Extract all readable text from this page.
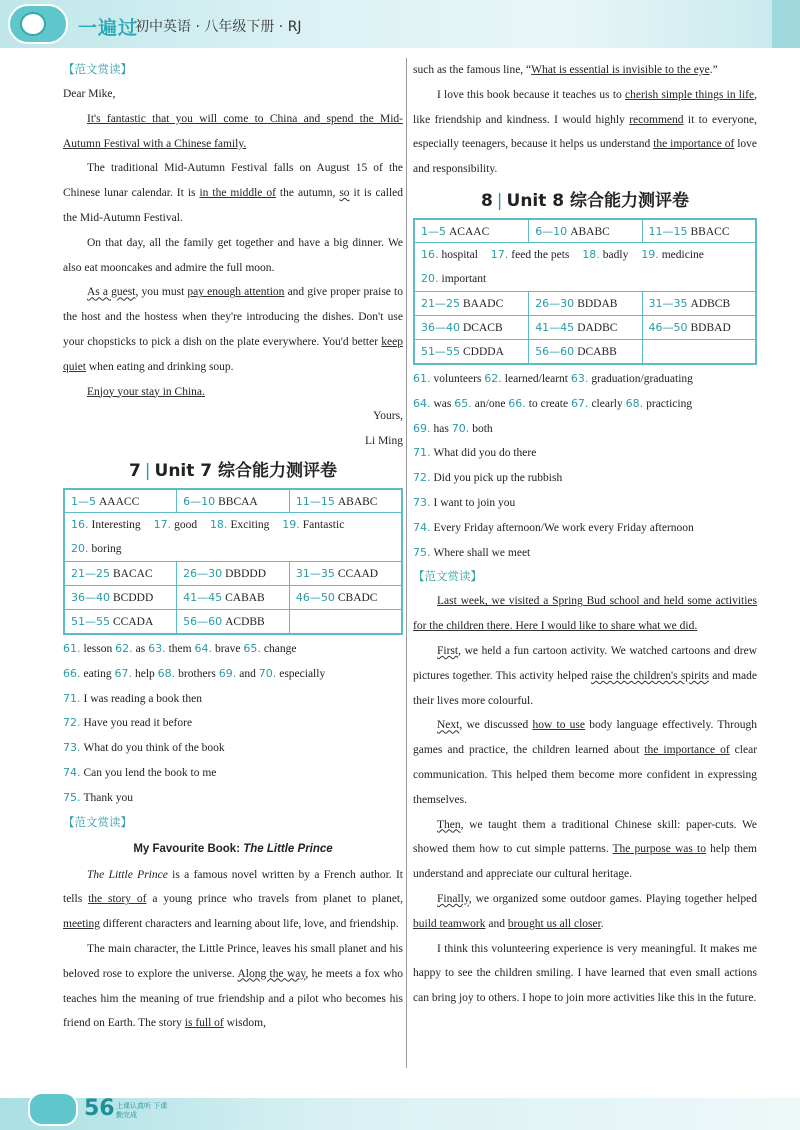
一遍过
初中英语 · 八年级下册 · RJ
【范文赏读】
Dear Mike,
It's fantastic that you will come to China and spend the Mid-Autumn Festival with a Chinese family.
The traditional Mid-Autumn Festival falls on August 15 of the Chinese lunar calendar. It is in the middle of the autumn, so it is called the Mid-Autumn Festival.
On that day, all the family get together and have a big dinner. We also eat mooncakes and admire the full moon.
As a guest, you must pay enough attention and give proper praise to the host and the hostess when they're introducing the dishes. Don't use your chopsticks to pick a dish on the plate everywhere. You'd better keep quiet when eating and drinking soup.
Enjoy your stay in China.
Yours,
Li Ming
7 | Unit 7 综合能力测评卷
1—5 AAACC	6—10 BBCAA	11—15 ABABC
16. Interesting 17. good 18. Exciting 19. Fantastic
20. boring		
21—25 BACAC	26—30 DBDDD	31—35 CCAAD
36—40 BCDDD	41—45 CABAB	46—50 CBADC
51—55 CCADA	56—60 ACDBB	
61. lesson 62. as 63. them 64. brave 65. change
66. eating 67. help 68. brothers 69. and 70. especially
71. I was reading a book then
72. Have you read it before
73. What do you think of the book
74. Can you lend the book to me
75. Thank you
【范文赏读】
My Favourite Book: The Little Prince
The Little Prince is a famous novel written by a French author. It tells the story of a young prince who travels from planet to planet, meeting different characters and learning about life, love, and friendship.
The main character, the Little Prince, leaves his small planet and his beloved rose to explore the universe. Along the way, he meets a fox who teaches him the meaning of true friendship and a pilot who becomes his friend on Earth. The story is full of wisdom,
such as the famous line, “What is essential is invisible to the eye.”
I love this book because it teaches us to cherish simple things in life, like friendship and kindness. I would highly recommend it to everyone, especially teenagers, because it helps us understand the importance of love and responsibility.
8 | Unit 8 综合能力测评卷
1—5 ACAAC	6—10 ABABC	11—15 BBACC
16. hospital 17. feed the pets 18. badly 19. medicine
20. important		
21—25 BAADC	26—30 BDDAB	31—35 ADBCB
36—40 DCACB	41—45 DADBC	46—50 BDBAD
51—55 CDDDA	56—60 DCABB	
61. volunteers 62. learned/learnt 63. graduation/graduating
64. was 65. an/one 66. to create 67. clearly 68. practicing
69. has 70. both
71. What did you do there
72. Did you pick up the rubbish
73. I want to join you
74. Every Friday afternoon/We work every Friday afternoon
75. Where shall we meet
【范文赏读】
Last week, we visited a Spring Bud school and held some activities for the children there. Here I would like to share what we did.
First, we held a fun cartoon activity. We watched cartoons and drew pictures together. This activity helped raise the children's spirits and made their lives more colourful.
Next, we discussed how to use body language effectively. Through games and practice, the children learned about the importance of clear communication. This helped them become more confident in expressing themselves.
Then, we taught them a traditional Chinese skill: paper-cuts. We showed them how to cut simple patterns. The purpose was to help them understand and appreciate our cultural heritage.
Finally, we organized some outdoor games. Playing together helped build teamwork and brought us all closer.
I think this volunteering experience is very meaningful. It makes me happy to see the children smiling. I have learned that even small actions can bring joy to others. I hope to join more activities like this in the future.
56 上课认真听 下课勤完成
